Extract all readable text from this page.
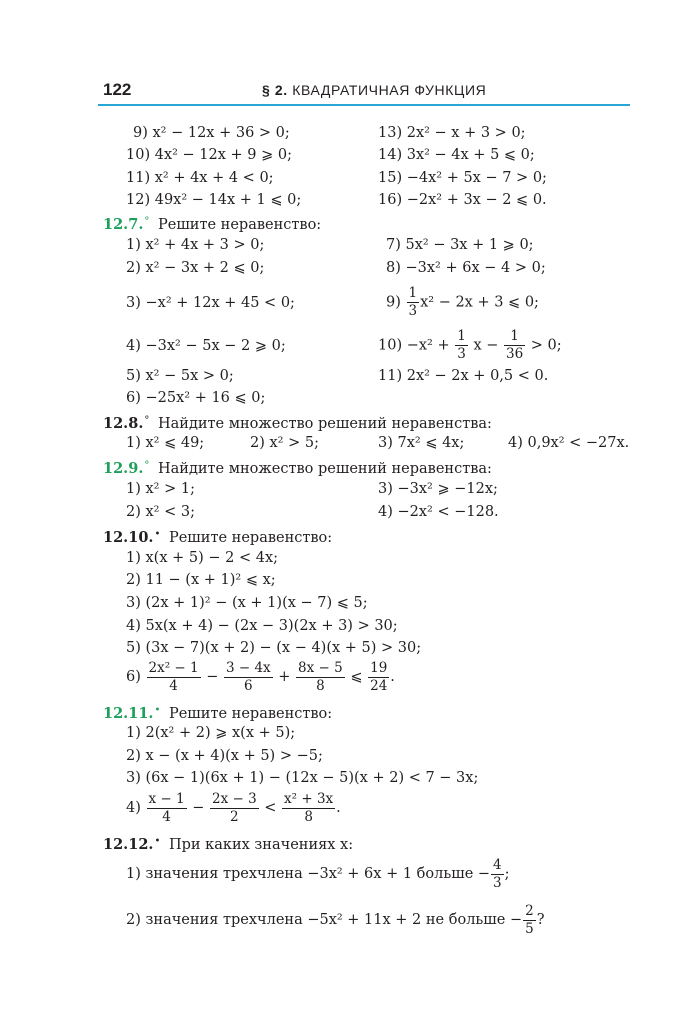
122	§ 2. КВАДРАТИЧНАЯ ФУНКЦИЯ
9) x² − 12x + 36 > 0;	13) 2x² − x + 3 > 0;
10) 4x² − 12x + 9 ⩾ 0;	14) 3x² − 4x + 5 ⩽ 0;
11) x² + 4x + 4 < 0;	15) −4x² + 5x − 7 > 0;
12) 49x² − 14x + 1 ⩽ 0;	16) −2x² + 3x − 2 ⩽ 0.
12.7.° Решите неравенство:
1) x² + 4x + 3 > 0;	7) 5x² − 3x + 1 ⩾ 0;
2) x² − 3x + 2 ⩽ 0;	8) −3x² + 6x − 4 > 0;
3) −x² + 12x + 45 < 0;	$9) \frac{1}{3} x^2 - 2x + 3$ ⩽ 0;
4) −3x² − 5x − 2 ⩾ 0;	$10) -x^2 + \frac{1}{3}$ $x - \frac{1}{36} > 0$;
5) x² − 5x > 0;	11) 2x² − 2x + 0,5 < 0.
6) −25x² + 16 ⩽ 0;
12.8.° Найдите множество решений неравенства:
1) x² ⩽ 49;	2) x² > 5;	3) 7x² ⩽ 4x;	4) 0,9x² < −27x.
12.9.° Найдите множество решений неравенства:
1) x² > 1;	3) −3x² ⩾ −12x;
2) x² < 3;	4) −2x² < −128.
12.10.• Решите неравенство:
1) x(x + 5) − 2 < 4x;
2) 11 − (x + 1)² ⩽ x;
3) (2x + 1)² − (x + 1)(x − 7) ⩽ 5;
4) 5x(x + 4) − (2x − 3)(2x + 3) > 30;
5) (3x − 7)(x + 2) − (x − 4)(x + 5) > 30;
$6) \frac{\text{2x² − 1}}{4} - \frac{3 - 4x}{6} + \frac{8x - 5}{8}$ ⩽ $\frac{19}{24}$ .
12.11.• Решите неравенство:
1) 2(x² + 2) ⩾ x(x + 5);
2) x − (x + 4)(x + 5) > −5;
3) (6x − 1)(6x + 1) − (12x − 5)(x + 2) < 7 − 3x;
$4) \frac{x - 1}{4} - \frac{2x - 3}{2} < \frac{\text{x² + 3x}}{8}$ .
12.12.• При каких значениях x:
1) значения трехчлена −3x² + 6x + 1 больше − $\frac{4}{3}$ ;
2) значения трехчлена −5x² + 11x + 2 не больше − $\frac{2}{5}$ ?
